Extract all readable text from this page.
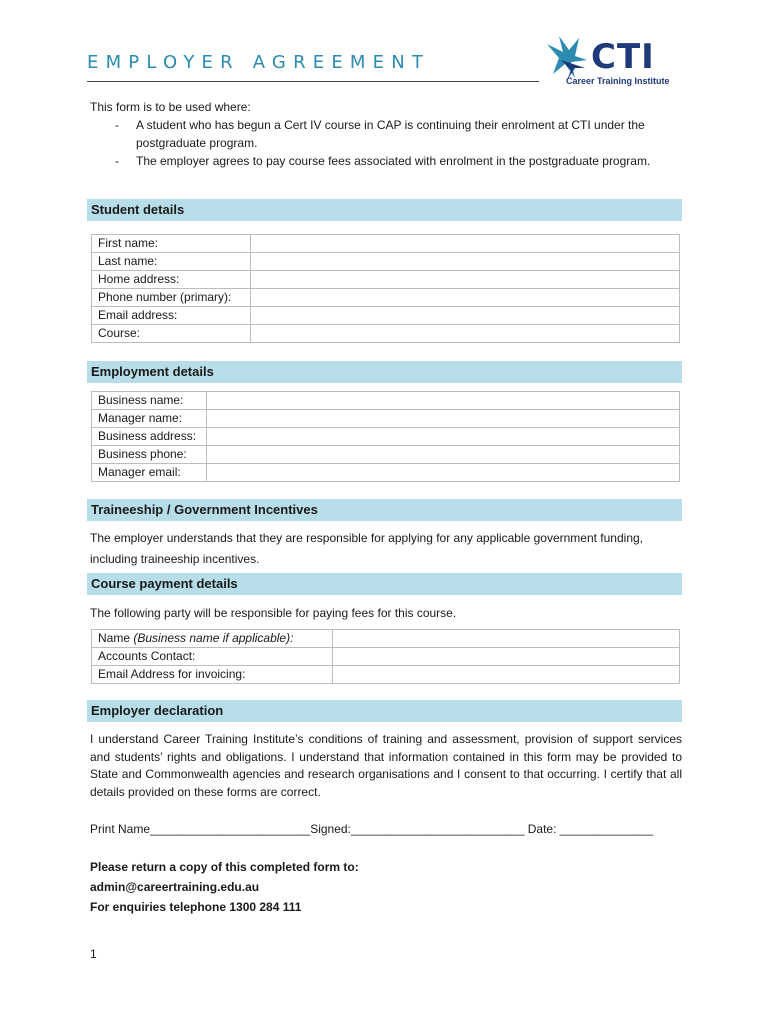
EMPLOYER AGREEMENT	CTI
Career Training Institute
This form is to be used where:
- A student who has begun a Cert IV course in CAP is continuing their enrolment at CTI under the postgraduate program.
- The employer agrees to pay course fees associated with enrolment in the postgraduate program.
Student details
First name:	
Last name:	
Home address:	
Phone number (primary):	
Email address:	
Course:	
Employment details
Business name:	
Manager name:	
Business address:	
Business phone:	
Manager email:	
Traineeship / Government Incentives
The employer understands that they are responsible for applying for any applicable government funding, including traineeship incentives.
Course payment details
The following party will be responsible for paying fees for this course.
Name (Business name if applicable):	
Accounts Contact:	
Email Address for invoicing:	
Employer declaration
I understand Career Training Institute’s conditions of training and assessment, provision of support services and students’ rights and obligations. I understand that information contained in this form may be provided to State and Commonwealth agencies and research organisations and I consent to that occurring. I certify that all details provided on these forms are correct.
Print Name________________________Signed:__________________________ Date: ______________
Please return a copy of this completed form to:
admin@careertraining.edu.au
For enquiries telephone 1300 284 111
1
